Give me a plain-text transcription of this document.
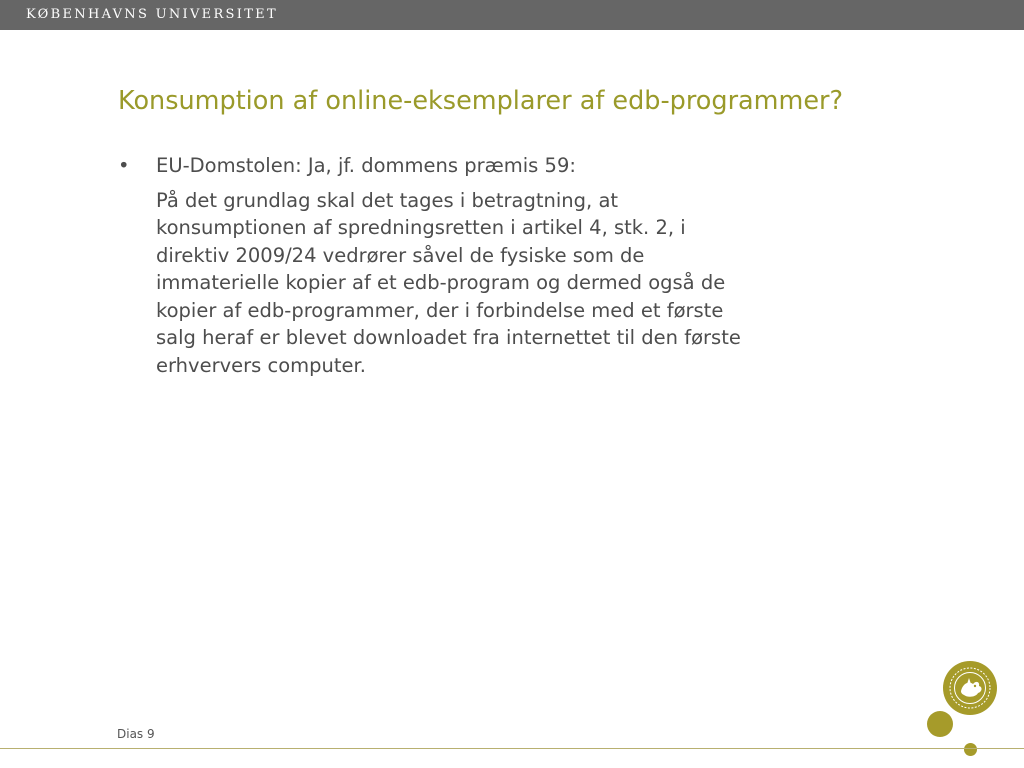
KØBENHAVNS UNIVERSITET
Konsumption af online-eksemplarer af edb-programmer?
• EU-Domstolen: Ja, jf. dommens præmis 59:
På det grundlag skal det tages i betragtning, at
konsumptionen af spredningsretten i artikel 4, stk. 2, i
direktiv 2009/24 vedrører såvel de fysiske som de
immaterielle kopier af et edb-program og dermed også de
kopier af edb-programmer, der i forbindelse med et første
salg heraf er blevet downloadet fra internettet til den første
erhververs computer.
Dias 9
